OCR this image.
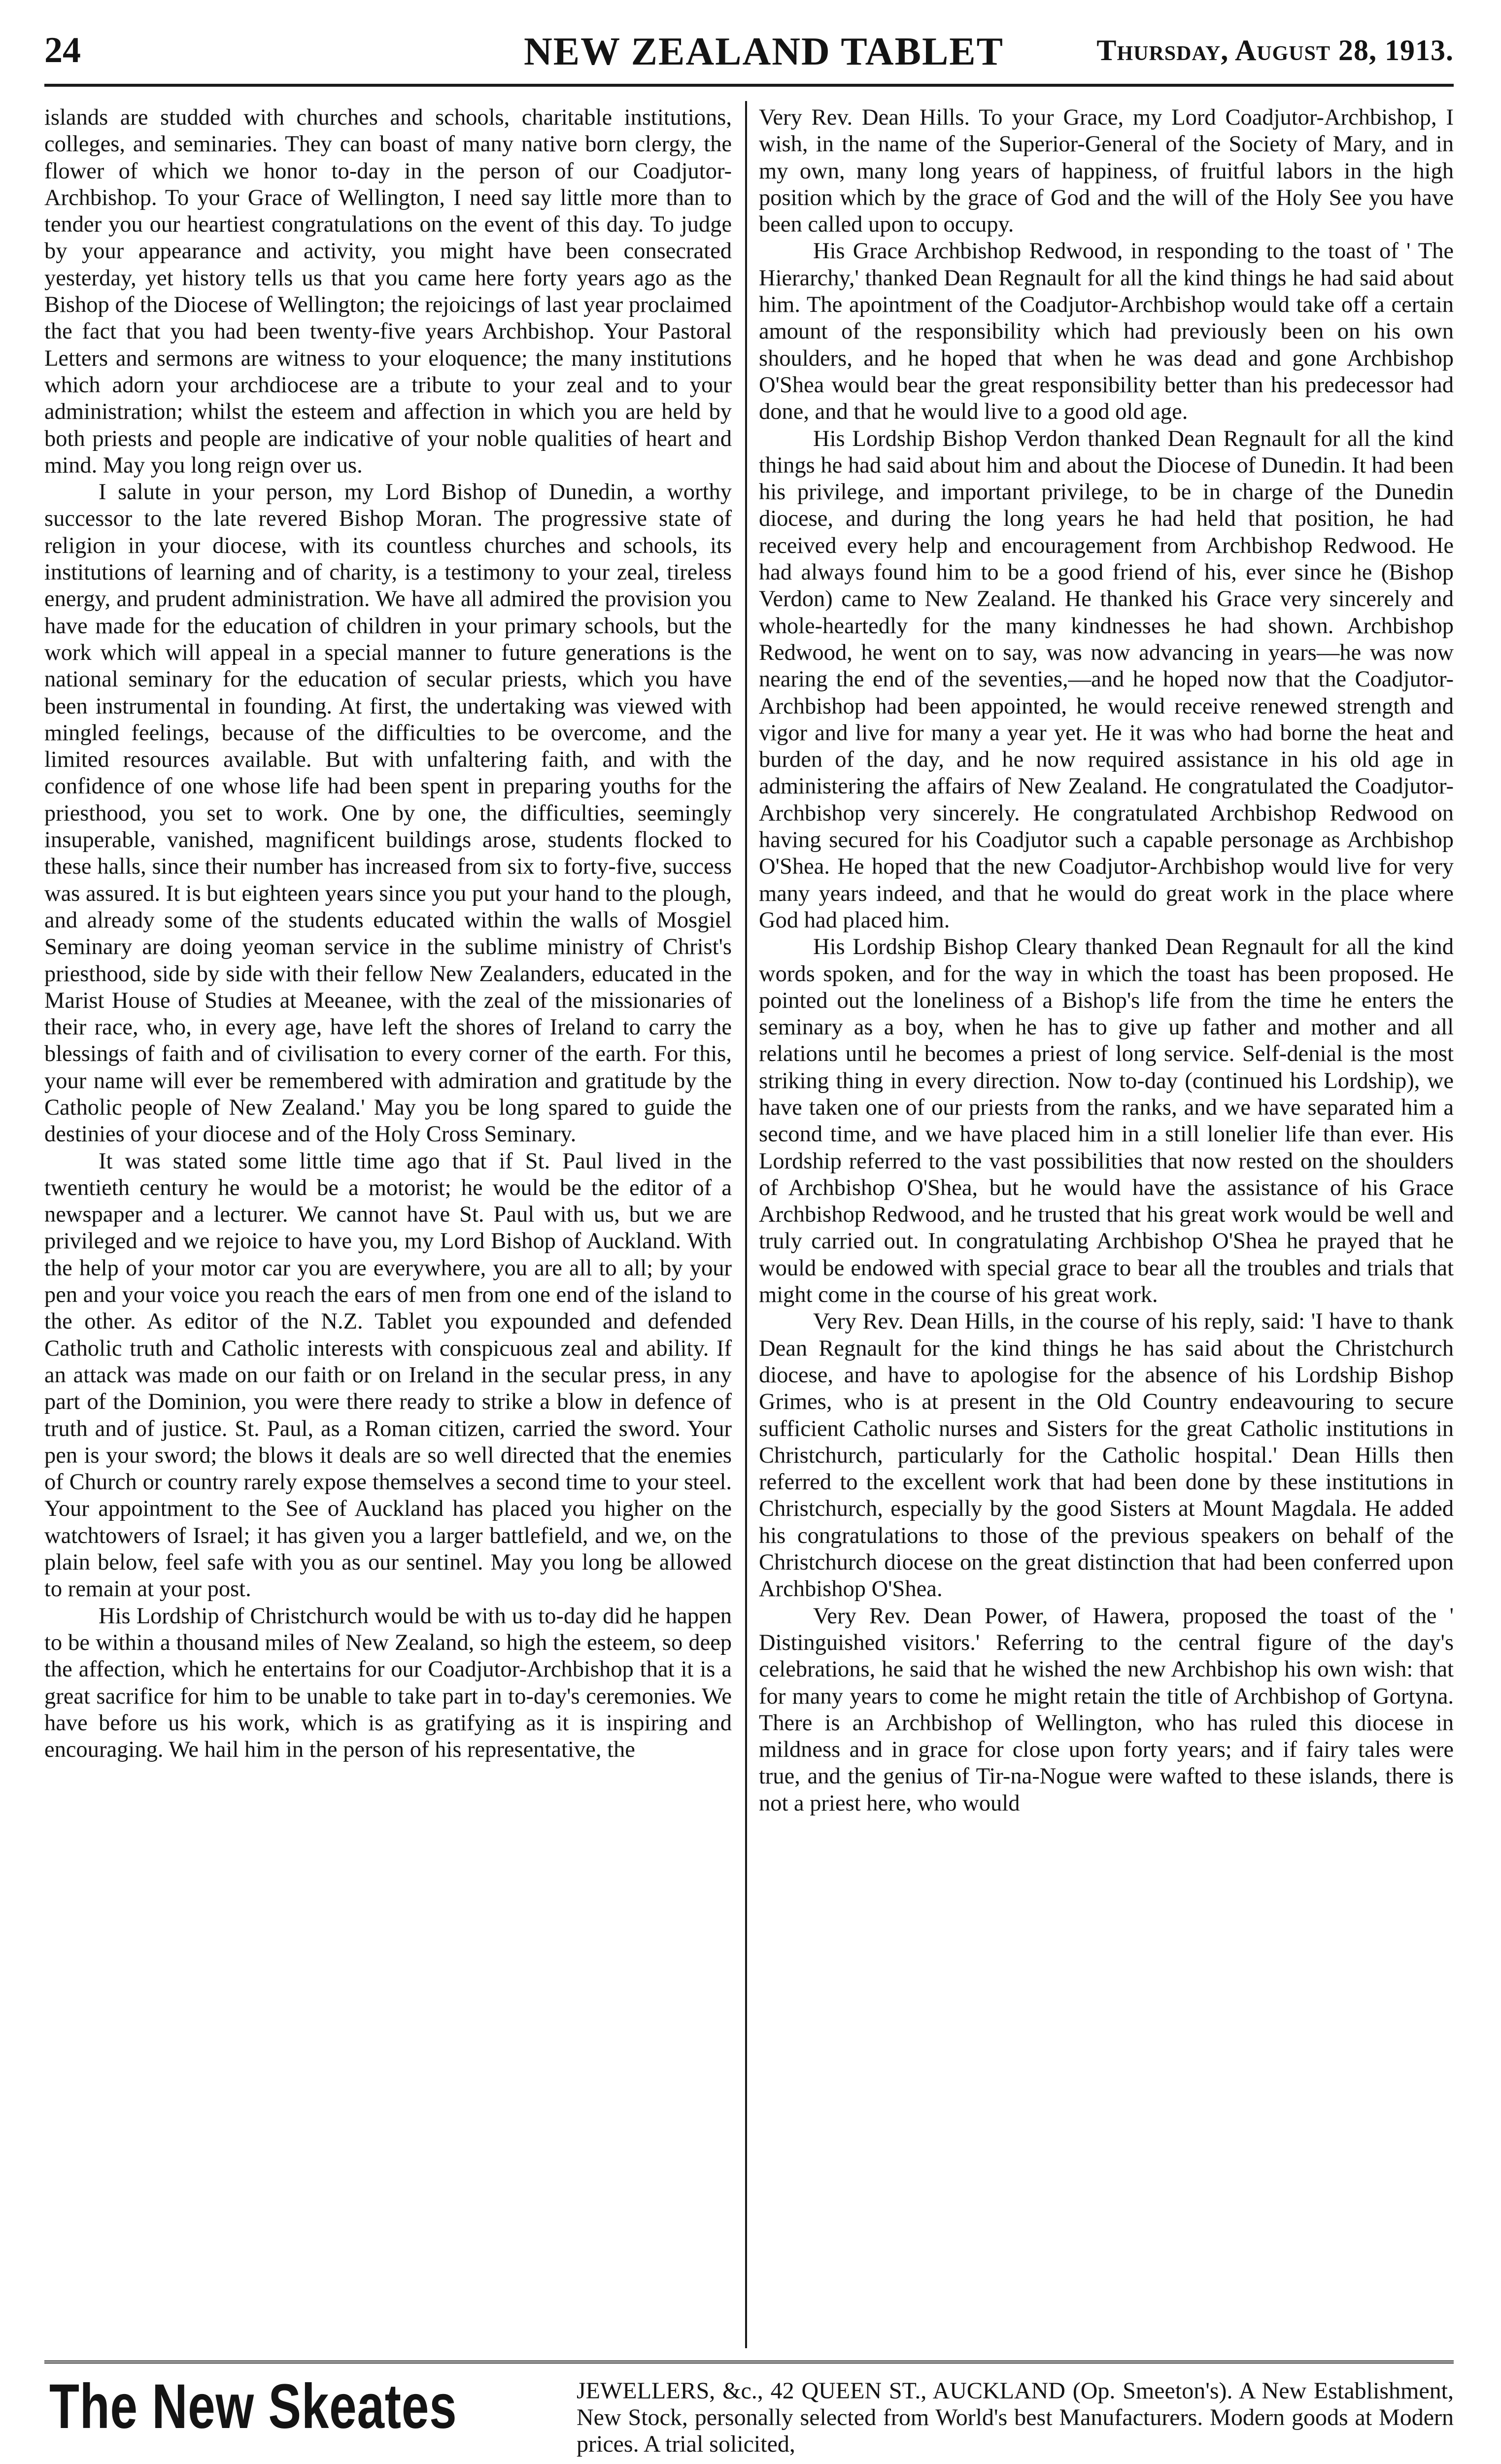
24	NEW ZEALAND TABLET	Thursday, August 28, 1913.

islands are studded with churches and schools, charitable institutions, colleges, and seminaries. They can boast of many native born clergy, the flower of which we honor to-day in the person of our Coadjutor-Archbishop. To your Grace of Wellington, I need say little more than to tender you our heartiest congratulations on the event of this day. To judge by your appearance and activity, you might have been consecrated yesterday, yet history tells us that you came here forty years ago as the Bishop of the Diocese of Wellington; the rejoicings of last year proclaimed the fact that you had been twenty-five years Archbishop. Your Pastoral Letters and sermons are witness to your eloquence; the many institutions which adorn your archdiocese are a tribute to your zeal and to your administration; whilst the esteem and affection in which you are held by both priests and people are indicative of your noble qualities of heart and mind. May you long reign over us.

I salute in your person, my Lord Bishop of Dunedin, a worthy successor to the late revered Bishop Moran. The progressive state of religion in your diocese, with its countless churches and schools, its institutions of learning and of charity, is a testimony to your zeal, tireless energy, and prudent administration. We have all admired the provision you have made for the education of children in your primary schools, but the work which will appeal in a special manner to future generations is the national seminary for the education of secular priests, which you have been instrumental in founding. At first, the undertaking was viewed with mingled feelings, because of the difficulties to be overcome, and the limited resources available. But with unfaltering faith, and with the confidence of one whose life had been spent in preparing youths for the priesthood, you set to work. One by one, the difficulties, seemingly insuperable, vanished, magnificent buildings arose, students flocked to these halls, since their number has increased from six to forty-five, success was assured. It is but eighteen years since you put your hand to the plough, and already some of the students educated within the walls of Mosgiel Seminary are doing yeoman service in the sublime ministry of Christ's priesthood, side by side with their fellow New Zealanders, educated in the Marist House of Studies at Meeanee, with the zeal of the missionaries of their race, who, in every age, have left the shores of Ireland to carry the blessings of faith and of civilisation to every corner of the earth. For this, your name will ever be remembered with admiration and gratitude by the Catholic people of New Zealand.' May you be long spared to guide the destinies of your diocese and of the Holy Cross Seminary.

It was stated some little time ago that if St. Paul lived in the twentieth century he would be a motorist; he would be the editor of a newspaper and a lecturer. We cannot have St. Paul with us, but we are privileged and we rejoice to have you, my Lord Bishop of Auckland. With the help of your motor car you are everywhere, you are all to all; by your pen and your voice you reach the ears of men from one end of the island to the other. As editor of the N.Z. Tablet you expounded and defended Catholic truth and Catholic interests with conspicuous zeal and ability. If an attack was made on our faith or on Ireland in the secular press, in any part of the Dominion, you were there ready to strike a blow in defence of truth and of justice. St. Paul, as a Roman citizen, carried the sword. Your pen is your sword; the blows it deals are so well directed that the enemies of Church or country rarely expose themselves a second time to your steel. Your appointment to the See of Auckland has placed you higher on the watchtowers of Israel; it has given you a larger battlefield, and we, on the plain below, feel safe with you as our sentinel. May you long be allowed to remain at your post.

His Lordship of Christchurch would be with us to-day did he happen to be within a thousand miles of New Zealand, so high the esteem, so deep the affection, which he entertains for our Coadjutor-Archbishop that it is a great sacrifice for him to be unable to take part in to-day's ceremonies. We have before us his work, which is as gratifying as it is inspiring and encouraging. We hail him in the person of his representative, the

Very Rev. Dean Hills. To your Grace, my Lord Coadjutor-Archbishop, I wish, in the name of the Superior-General of the Society of Mary, and in my own, many long years of happiness, of fruitful labors in the high position which by the grace of God and the will of the Holy See you have been called upon to occupy.

His Grace Archbishop Redwood, in responding to the toast of ' The Hierarchy,' thanked Dean Regnault for all the kind things he had said about him. The apointment of the Coadjutor-Archbishop would take off a certain amount of the responsibility which had previously been on his own shoulders, and he hoped that when he was dead and gone Archbishop O'Shea would bear the great responsibility better than his predecessor had done, and that he would live to a good old age.

His Lordship Bishop Verdon thanked Dean Regnault for all the kind things he had said about him and about the Diocese of Dunedin. It had been his privilege, and important privilege, to be in charge of the Dunedin diocese, and during the long years he had held that position, he had received every help and encouragement from Archbishop Redwood. He had always found him to be a good friend of his, ever since he (Bishop Verdon) came to New Zealand. He thanked his Grace very sincerely and whole-heartedly for the many kindnesses he had shown. Archbishop Redwood, he went on to say, was now advancing in years—he was now nearing the end of the seventies,—and he hoped now that the Coadjutor-Archbishop had been appointed, he would receive renewed strength and vigor and live for many a year yet. He it was who had borne the heat and burden of the day, and he now required assistance in his old age in administering the affairs of New Zealand. He congratulated the Coadjutor-Archbishop very sincerely. He congratulated Archbishop Redwood on having secured for his Coadjutor such a capable personage as Archbishop O'Shea. He hoped that the new Coadjutor-Archbishop would live for very many years indeed, and that he would do great work in the place where God had placed him.

His Lordship Bishop Cleary thanked Dean Regnault for all the kind words spoken, and for the way in which the toast has been proposed. He pointed out the loneliness of a Bishop's life from the time he enters the seminary as a boy, when he has to give up father and mother and all relations until he becomes a priest of long service. Self-denial is the most striking thing in every direction. Now to-day (continued his Lordship), we have taken one of our priests from the ranks, and we have separated him a second time, and we have placed him in a still lonelier life than ever. His Lordship referred to the vast possibilities that now rested on the shoulders of Archbishop O'Shea, but he would have the assistance of his Grace Archbishop Redwood, and he trusted that his great work would be well and truly carried out. In congratulating Archbishop O'Shea he prayed that he would be endowed with special grace to bear all the troubles and trials that might come in the course of his great work.

Very Rev. Dean Hills, in the course of his reply, said: 'I have to thank Dean Regnault for the kind things he has said about the Christchurch diocese, and have to apologise for the absence of his Lordship Bishop Grimes, who is at present in the Old Country endeavouring to secure sufficient Catholic nurses and Sisters for the great Catholic institutions in Christchurch, particularly for the Catholic hospital.' Dean Hills then referred to the excellent work that had been done by these institutions in Christchurch, especially by the good Sisters at Mount Magdala. He added his congratulations to those of the previous speakers on behalf of the Christchurch diocese on the great distinction that had been conferred upon Archbishop O'Shea.

Very Rev. Dean Power, of Hawera, proposed the toast of the ' Distinguished visitors.' Referring to the central figure of the day's celebrations, he said that he wished the new Archbishop his own wish: that for many years to come he might retain the title of Archbishop of Gortyna. There is an Archbishop of Wellington, who has ruled this diocese in mildness and in grace for close upon forty years; and if fairy tales were true, and the genius of Tir-na-Nogue were wafted to these islands, there is not a priest here, who would

The New Skeates	JEWELLERS, &c., 42 QUEEN ST., AUCKLAND (Op. Smeeton's). A New Establishment, New Stock, personally selected from World's best Manufacturers. Modern goods at Modern prices. A trial solicited,
